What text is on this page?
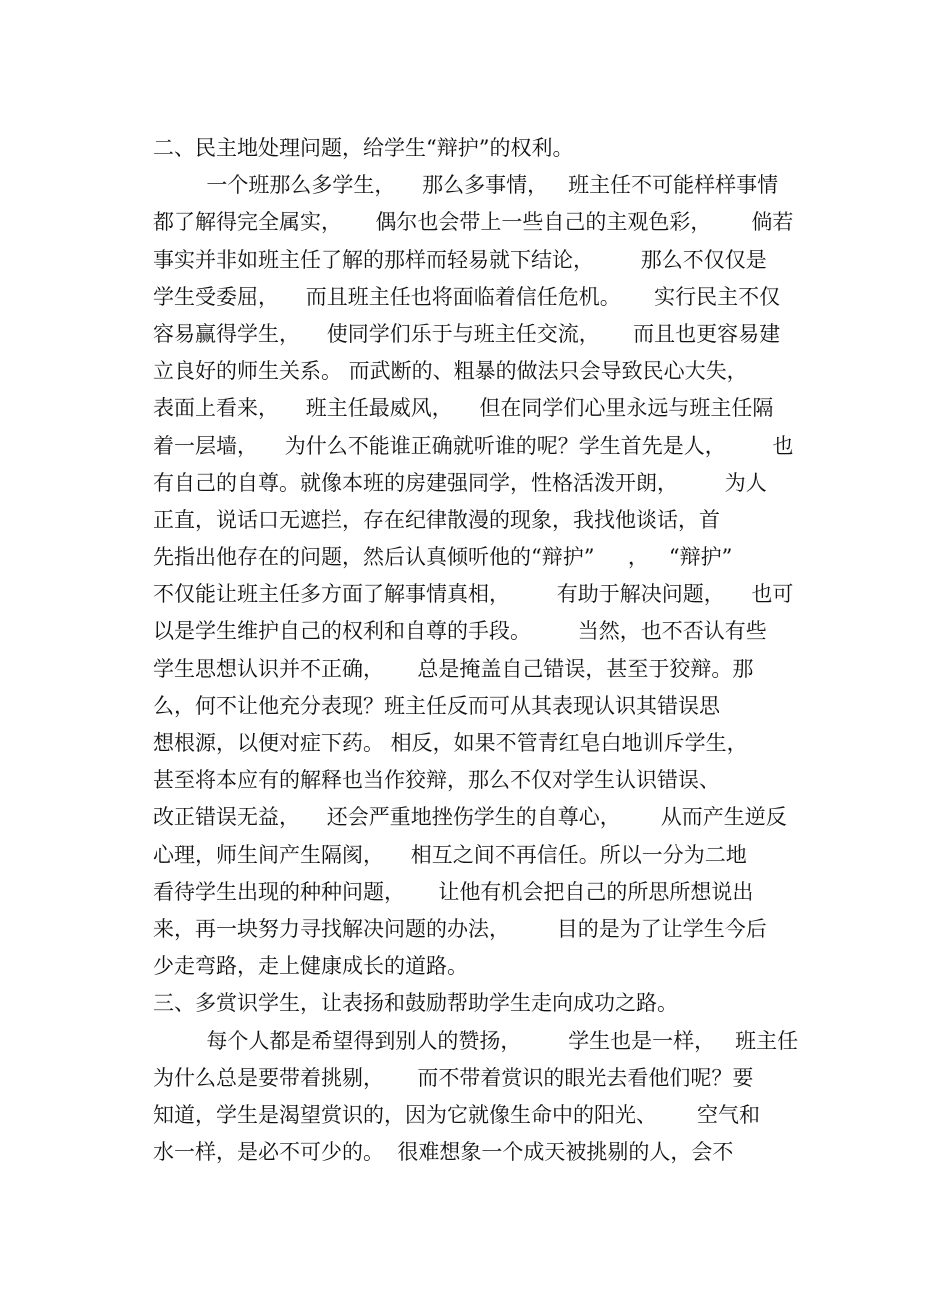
二、民主地处理问题，给学生“辩护”的权利。
一个班那么多学生，    那么多事情，   班主任不可能样样事情
都了解得完全属实，     偶尔也会带上一些自己的主观色彩，      倘若
事实并非如班主任了解的那样而轻易就下结论，       那么不仅仅是
学生受委屈，    而且班主任也将面临着信任危机。     实行民主不仅
容易赢得学生，    使同学们乐于与班主任交流，     而且也更容易建
立良好的师生关系。 而武断的、粗暴的做法只会导致民心大失，
表面上看来，    班主任最威风，    但在同学们心里永远与班主任隔
着一层墙，    为什么不能谁正确就听谁的呢？学生首先是人，       也
有自己的自尊。就像本班的房建强同学，性格活泼开朗，       为人
正直，说话口无遮拦，存在纪律散漫的现象，我找他谈话，首
先指出他存在的问题，然后认真倾听他的“辩护”     ，   “辩护”
不仅能让班主任多方面了解事情真相，       有助于解决问题，    也可
以是学生维护自己的权利和自尊的手段。       当然，也不否认有些
学生思想认识并不正确，     总是掩盖自己错误，甚至于狡辩。那
么，何不让他充分表现？班主任反而可从其表现认识其错误思
想根源，以便对症下药。 相反，如果不管青红皂白地训斥学生，
甚至将本应有的解释也当作狡辩，那么不仅对学生认识错误、
改正错误无益，    还会严重地挫伤学生的自尊心，      从而产生逆反
心理，师生间产生隔阂，    相互之间不再信任。所以一分为二地
看待学生出现的种种问题，     让他有机会把自己的所思所想说出
来，再一块努力寻找解决问题的办法，       目的是为了让学生今后
少走弯路，走上健康成长的道路。
三、多赏识学生，让表扬和鼓励帮助学生走向成功之路。
每个人都是希望得到别人的赞扬，       学生也是一样，   班主任
为什么总是要带着挑剔，     而不带着赏识的眼光去看他们呢？要
知道，学生是渴望赏识的，因为它就像生命中的阳光、      空气和
水一样，是必不可少的。  很难想象一个成天被挑剔的人，会不
